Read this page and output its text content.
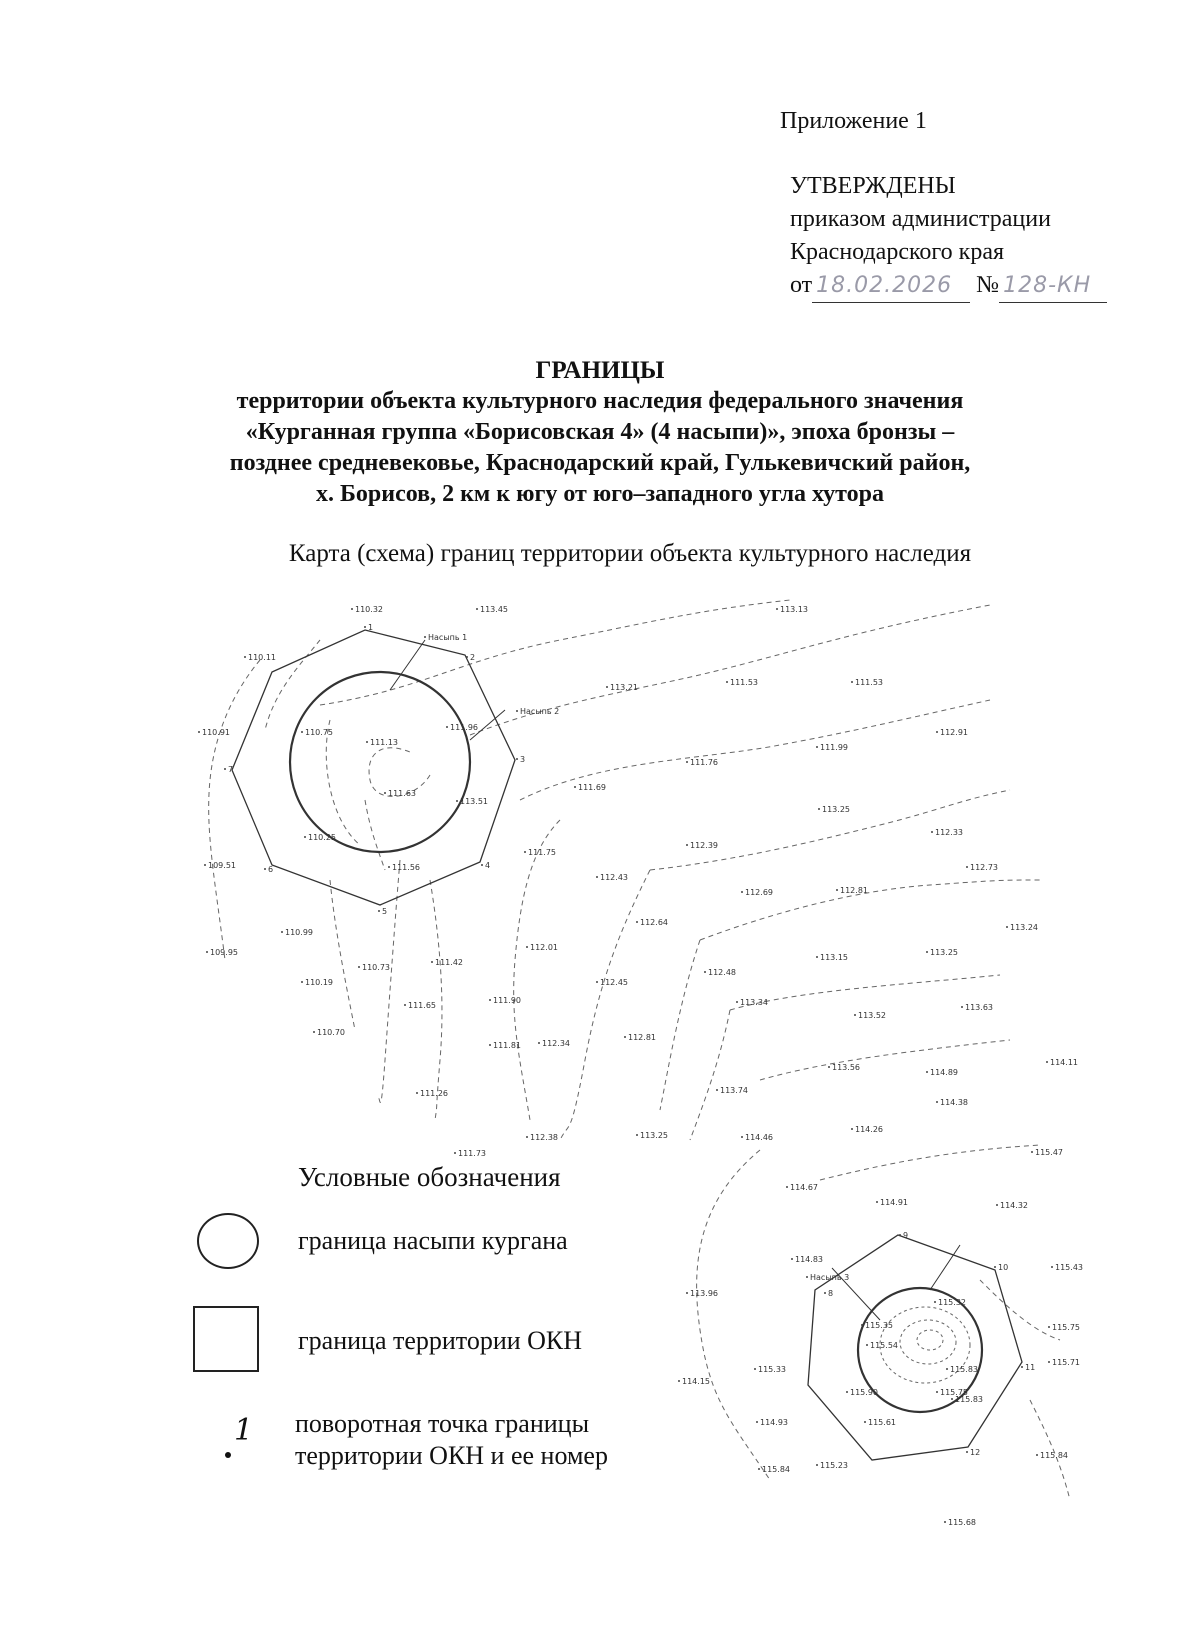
Приложение 1
УТВЕРЖДЕНЫ
приказом администрации
Краснодарского края
от 18.02.2026 № 128-КН
ГРАНИЦЫ
территории объекта культурного наследия федерального значения
«Курганная группа «Борисовская 4» (4 насыпи)», эпоха бронзы –
позднее средневековье, Краснодарский край, Гулькевичский район,
х. Борисов, 2 км к югу от юго–западного угла хутора
Карта (схема) границ территории объекта культурного наследия
110.32	113.45	113.13
110.11
113.21
111.53	111.53
112.91
111.99
111.76
111.13
110.75
111.96
111.63
113.51
111.69
113.25
112.33
112.39
112.73
111.75
112.43
111.56
112.69	112.81
110.91
109.51
110.25
110.99
112.64
113.24
109.95
110.73
110.19
111.42
112.01
113.15
113.25
111.65
112.45
112.48
113.34
113.52
113.63
110.70
112.81
111.90
112.34
114.11
111.81
113.56
114.89
111.26	113.74
114.38
112.38	113.25	114.46
114.26
111.73	115.47
114.67
114.32
114.91
115.43
114.83
115.32
115.71
115.35
115.54
115.83
115.75
115.90
115.83
115.61
115.33
115.75
115.23
115.84
115.68
115.84
113.96
114.15
114.93
1
2
3
4
5
6
7
8
9
10
11
12
Насыпь 1
Насыпь 2
Насыпь 3
Условные обозначения
граница насыпи кургана
граница территории ОКН
1 поворотная точка границы
территории ОКН и ее номер
